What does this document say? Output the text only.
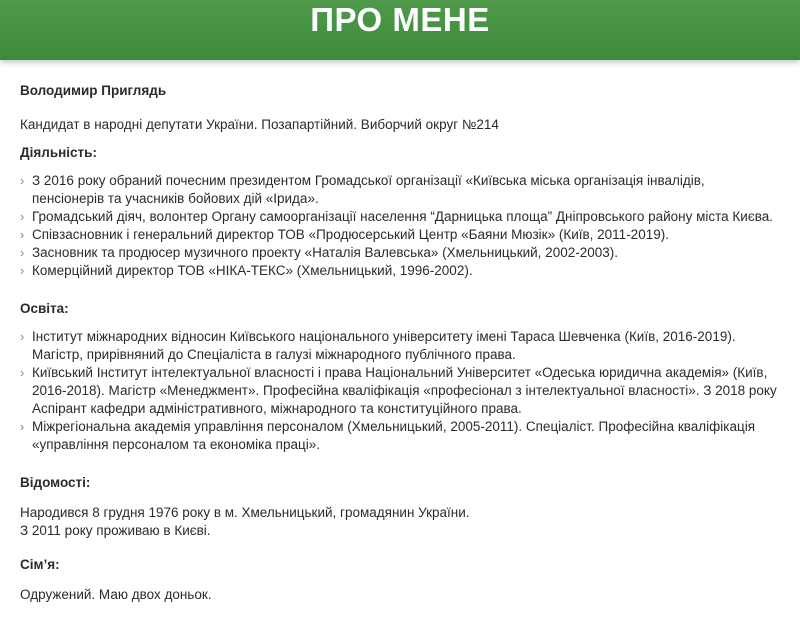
ПРО МЕНЕ
Володимир Приглядь
Кандидат в народні депутати України. Позапартійний. Виборчий округ №214
Діяльність:
› З 2016 року обраний почесним президентом Громадської організації «Київська міська організація інвалідів, пенсіонерів та учасників бойових дій «Ірида».
› Громадський діяч, волонтер Органу самоорганізації населення “Дарницька площа” Дніпровського району міста Києва.
› Співзасновник і генеральний директор ТОВ «Продюсерський Центр «Баяни Мюзік» (Київ, 2011-2019).
› Засновник та продюсер музичного проекту «Наталія Валевська» (Хмельницький, 2002-2003).
› Комерційний директор ТОВ «НІКА-ТЕКС» (Хмельницький, 1996-2002).
Освіта:
› Інститут міжнародних відносин Київського національного університету імені Тараса Шевченка (Київ, 2016-2019). Магістр, прирівняний до Спеціаліста в галузі міжнародного публічного права.
› Київський Інститут інтелектуальної власності і права Національний Університет «Одеська юридична академія» (Київ, 2016-2018). Магістр «Менеджмент». Професійна кваліфікація «професіонал з інтелектуальної власності». З 2018 року Аспірант кафедри адміністративного, міжнародного та конституційного права.
› Міжрегіональна академія управління персоналом (Хмельницький, 2005-2011). Спеціаліст. Професійна кваліфікація «управління персоналом та економіка праці».
Відомості:

Народився 8 грудня 1976 року в м. Хмельницький, громадянин України.

З 2011 року проживаю в Києві.

Сім’я:
Одружений. Маю двох доньок.
